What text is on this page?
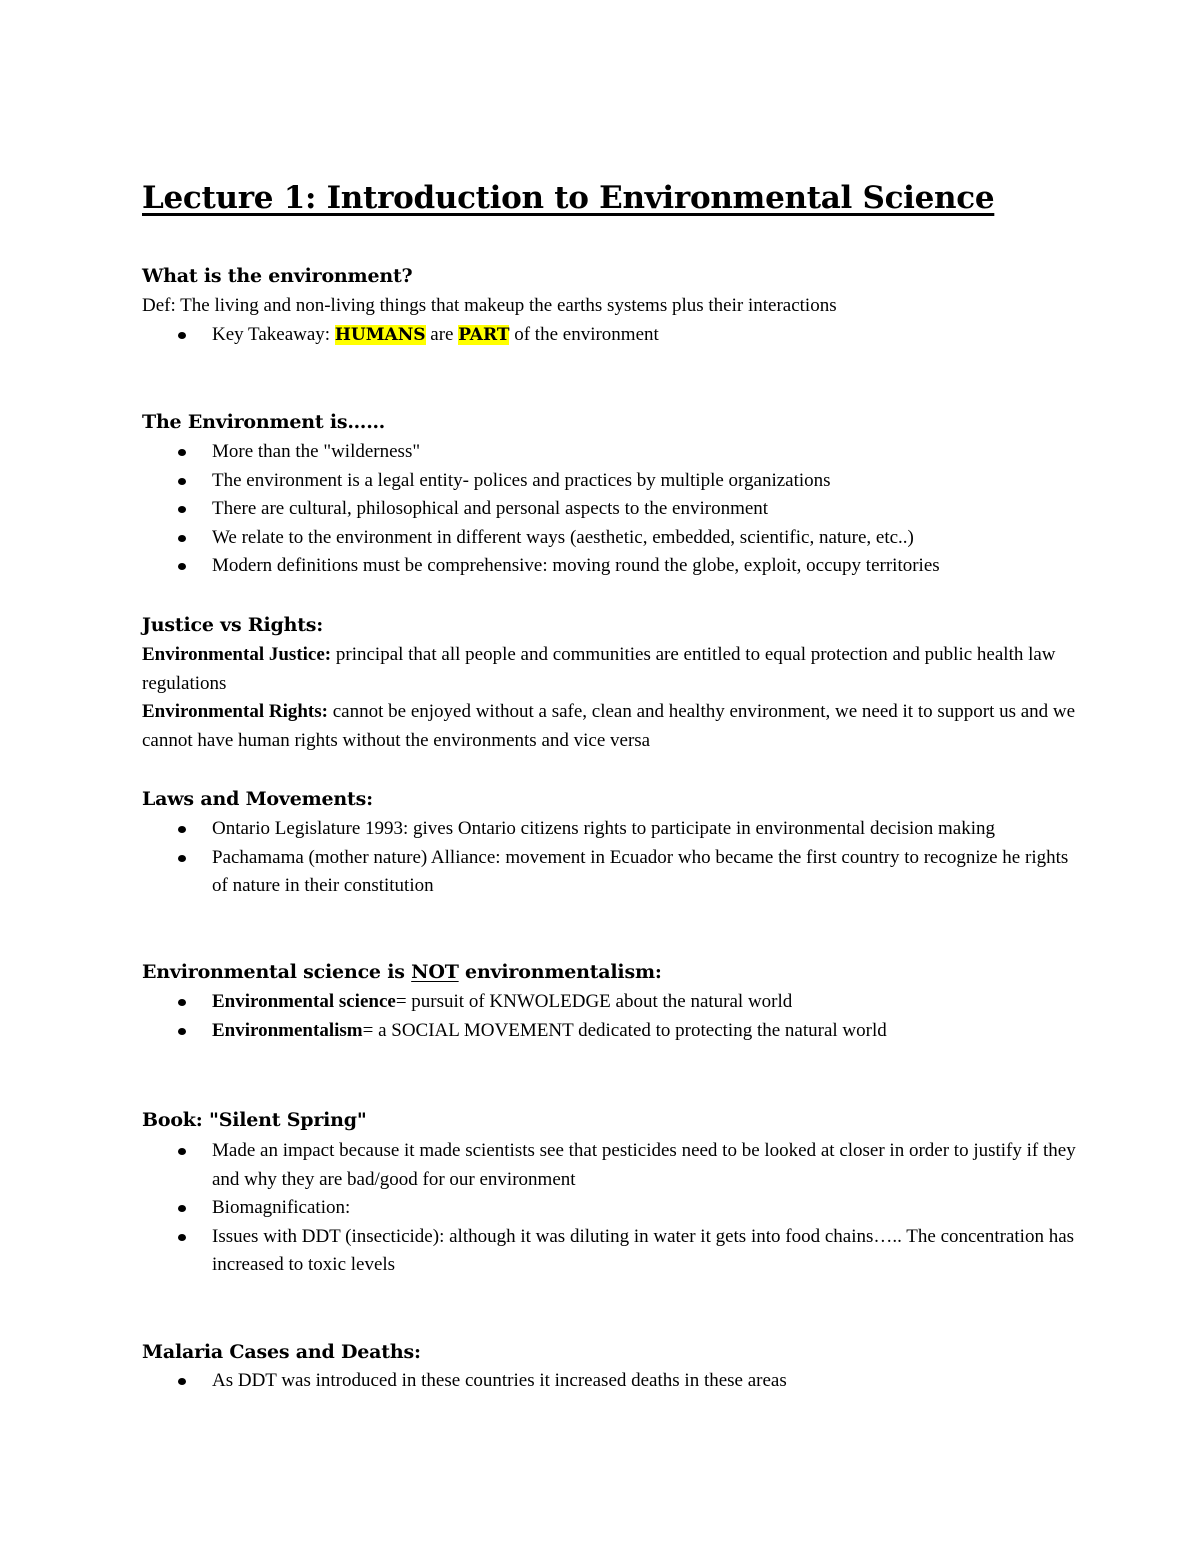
Lecture 1: Introduction to Environmental Science
What is the environment?

Def: The living and non-living things that makeup the earths systems plus their interactions

Key Takeaway: HUMANS are PART of the environment
The Environment is……
More than the "wilderness"
The environment is a legal entity- polices and practices by multiple organizations
There are cultural, philosophical and personal aspects to the environment
We relate to the environment in different ways (aesthetic, embedded, scientific, nature, etc..)
Modern definitions must be comprehensive: moving round the globe, exploit, occupy territories
Justice vs Rights:

Environmental Justice: principal that all people and communities are entitled to equal protection and public health law regulations

Environmental Rights: cannot be enjoyed without a safe, clean and healthy environment, we need it to support us and we cannot have human rights without the environments and vice versa

Laws and Movements:
Ontario Legislature 1993: gives Ontario citizens rights to participate in environmental decision making
Pachamama (mother nature) Alliance: movement in Ecuador who became the first country to recognize he rights of nature in their constitution
Environmental science is NOT environmentalism:
Environmental science= pursuit of KNWOLEDGE about the natural world
Environmentalism= a SOCIAL MOVEMENT dedicated to protecting the natural world
Book: "Silent Spring"
Made an impact because it made scientists see that pesticides need to be looked at closer in order to justify if they and why they are bad/good for our environment
Biomagnification:
Issues with DDT (insecticide): although it was diluting in water it gets into food chains….. The concentration has increased to toxic levels
Malaria Cases and Deaths:
As DDT was introduced in these countries it increased deaths in these areas
